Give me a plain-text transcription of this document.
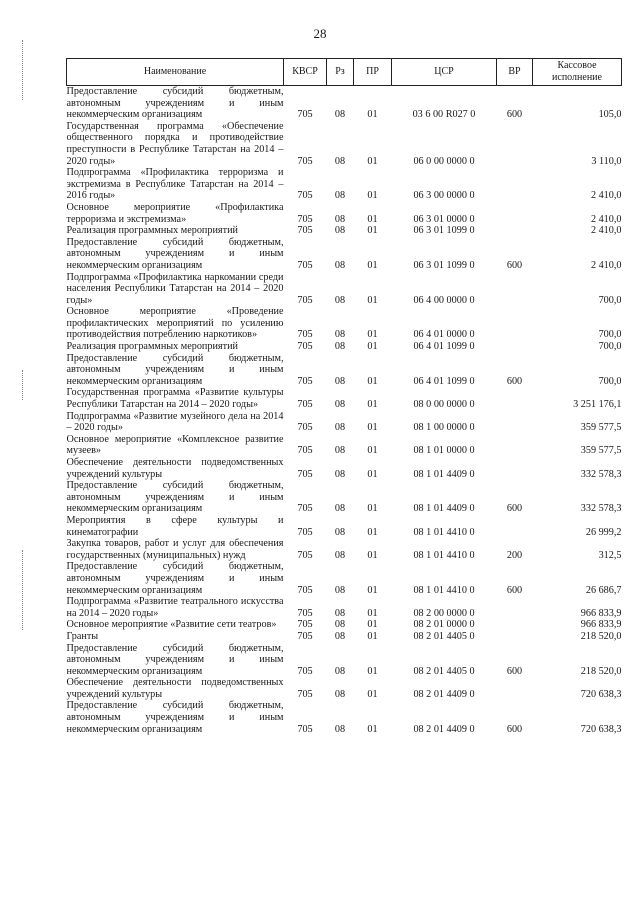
28
Наименование	КВСР	Рз	ПР	ЦСР	ВР	Кассовое исполнение
Предоставление субсидий бюджетным, автономным учреждениям и иным некоммерческим организациям	705	08	01	03 6 00 R027 0	600	105,0
Государственная программа «Обеспечение общественного порядка и противодействие преступности в Республике Татарстан на 2014 – 2020 годы»	705	08	01	06 0 00 0000 0		3 110,0
Подпрограмма «Профилактика терроризма и экстремизма в Республике Татарстан на 2014 – 2016 годы»	705	08	01	06 3 00 0000 0		2 410,0
Основное мероприятие «Профилактика терроризма и экстремизма»	705	08	01	06 3 01 0000 0		2 410,0
Реализация программных мероприятий	705	08	01	06 3 01 1099 0		2 410,0
Предоставление субсидий бюджетным, автономным учреждениям и иным некоммерческим организациям	705	08	01	06 3 01 1099 0	600	2 410,0
Подпрограмма «Профилактика наркомании среди населения Республики Татарстан на 2014 – 2020 годы»	705	08	01	06 4 00 0000 0		700,0
Основное мероприятие «Проведение профилактических мероприятий по усилению противодействия потреблению наркотиков»	705	08	01	06 4 01 0000 0		700,0
Реализация программных мероприятий	705	08	01	06 4 01 1099 0		700,0
Предоставление субсидий бюджетным, автономным учреждениям и иным некоммерческим организациям	705	08	01	06 4 01 1099 0	600	700,0
Государственная программа «Развитие культуры Республики Татарстан на 2014 – 2020 годы»	705	08	01	08 0 00 0000 0		3 251 176,1
Подпрограмма «Развитие музейного дела на 2014 – 2020 годы»	705	08	01	08 1 00 0000 0		359 577,5
Основное мероприятие «Комплексное развитие музеев»	705	08	01	08 1 01 0000 0		359 577,5
Обеспечение деятельности подведомственных учреждений культуры	705	08	01	08 1 01 4409 0		332 578,3
Предоставление субсидий бюджетным, автономным учреждениям и иным некоммерческим организациям	705	08	01	08 1 01 4409 0	600	332 578,3
Мероприятия в сфере культуры и кинематографии	705	08	01	08 1 01 4410 0		26 999,2
Закупка товаров, работ и услуг для обеспечения государственных (муниципальных) нужд	705	08	01	08 1 01 4410 0	200	312,5
Предоставление субсидий бюджетным, автономным учреждениям и иным некоммерческим организациям	705	08	01	08 1 01 4410 0	600	26 686,7
Подпрограмма «Развитие театрального искусства на 2014 – 2020 годы»	705	08	01	08 2 00 0000 0		966 833,9
Основное мероприятие «Развитие сети театров»	705	08	01	08 2 01 0000 0		966 833,9
Гранты	705	08	01	08 2 01 4405 0		218 520,0
Предоставление субсидий бюджетным, автономным учреждениям и иным некоммерческим организациям	705	08	01	08 2 01 4405 0	600	218 520,0
Обеспечение деятельности подведомственных учреждений культуры	705	08	01	08 2 01 4409 0		720 638,3
Предоставление субсидий бюджетным, автономным учреждениям и иным некоммерческим организациям	705	08	01	08 2 01 4409 0	600	720 638,3
